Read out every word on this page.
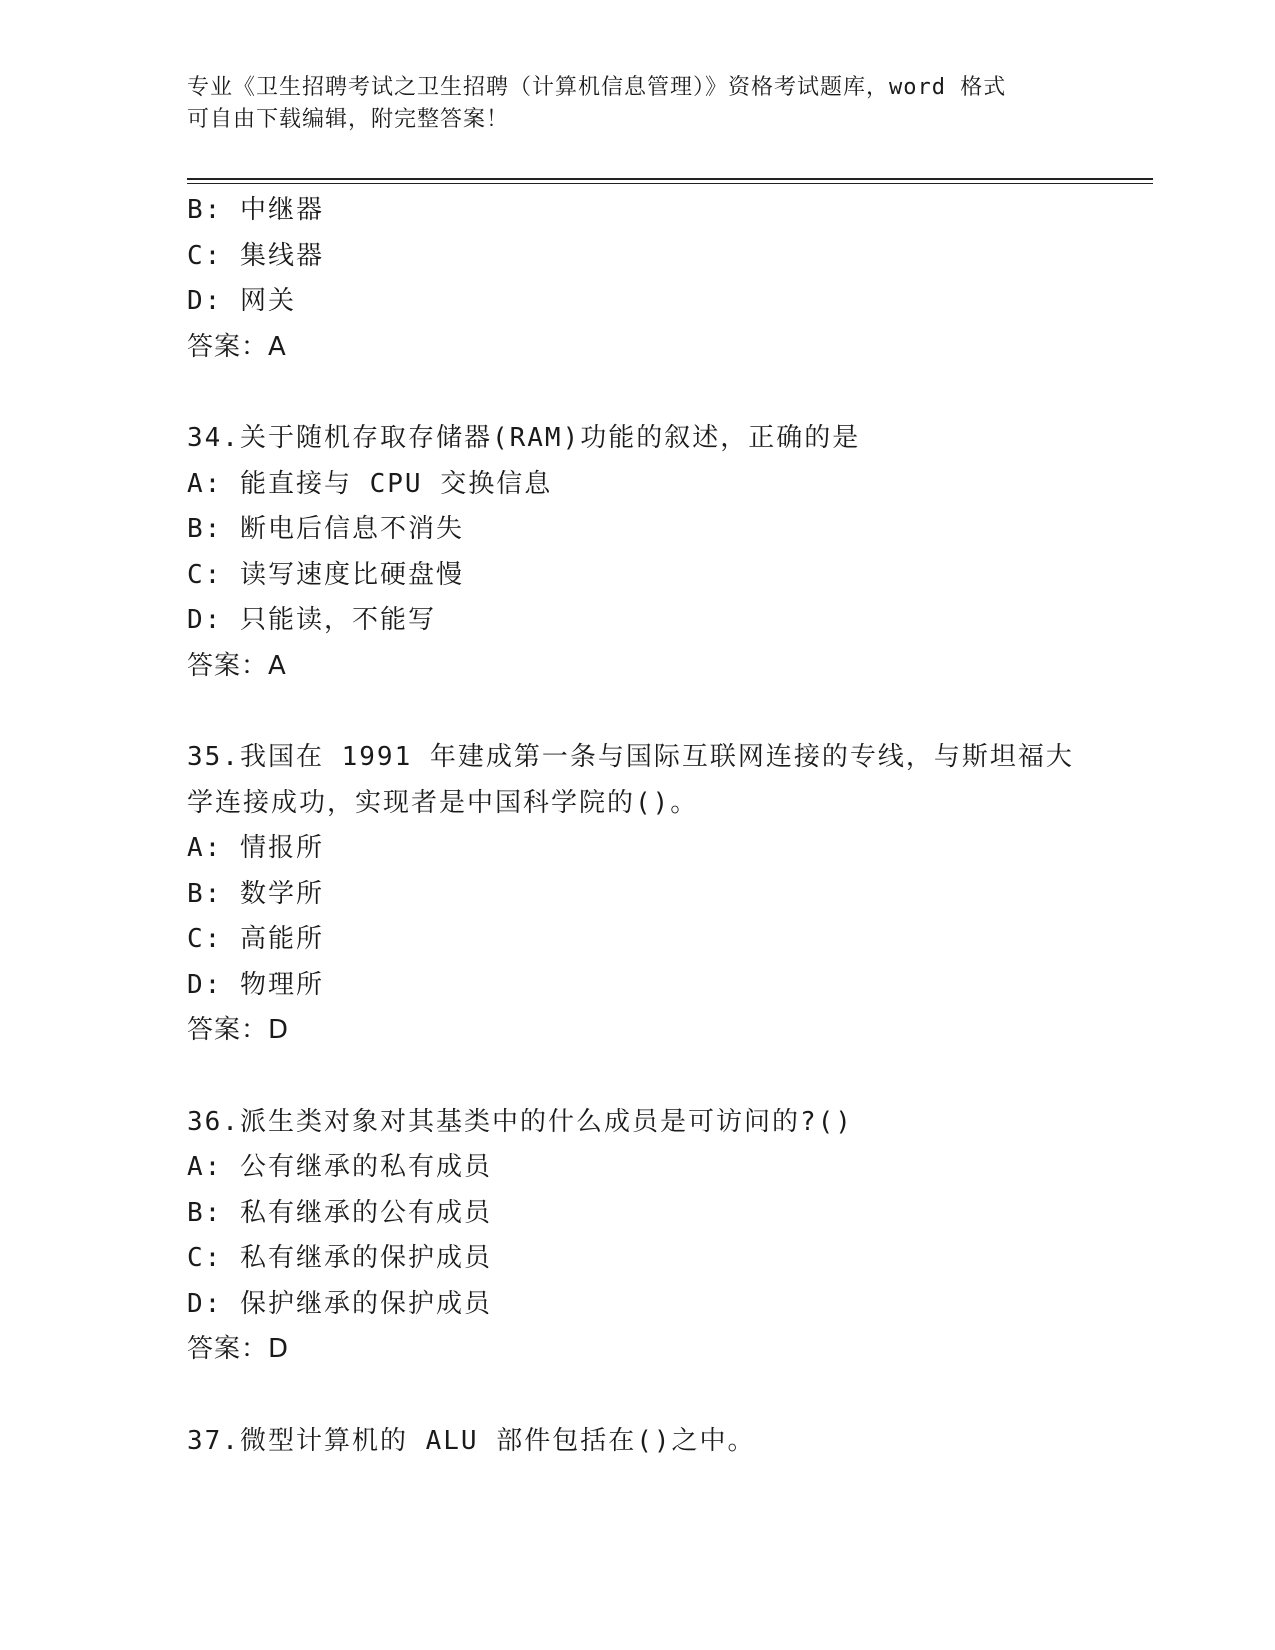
专业《卫生招聘考试之卫生招聘（计算机信息管理）》资格考试题库，word 格式
可自由下载编辑，附完整答案！
B: 中继器
C: 集线器
D: 网关
答案：A
34.关于随机存取存储器(RAM)功能的叙述，正确的是
A: 能直接与 CPU 交换信息
B: 断电后信息不消失
C: 读写速度比硬盘慢
D: 只能读，不能写
答案：A
35.我国在 1991 年建成第一条与国际互联网连接的专线，与斯坦福大
学连接成功，实现者是中国科学院的()。
A: 情报所
B: 数学所
C: 高能所
D: 物理所
答案：D
36.派生类对象对其基类中的什么成员是可访问的?()
A: 公有继承的私有成员
B: 私有继承的公有成员
C: 私有继承的保护成员
D: 保护继承的保护成员
答案：D
37.微型计算机的 ALU 部件包括在()之中。
